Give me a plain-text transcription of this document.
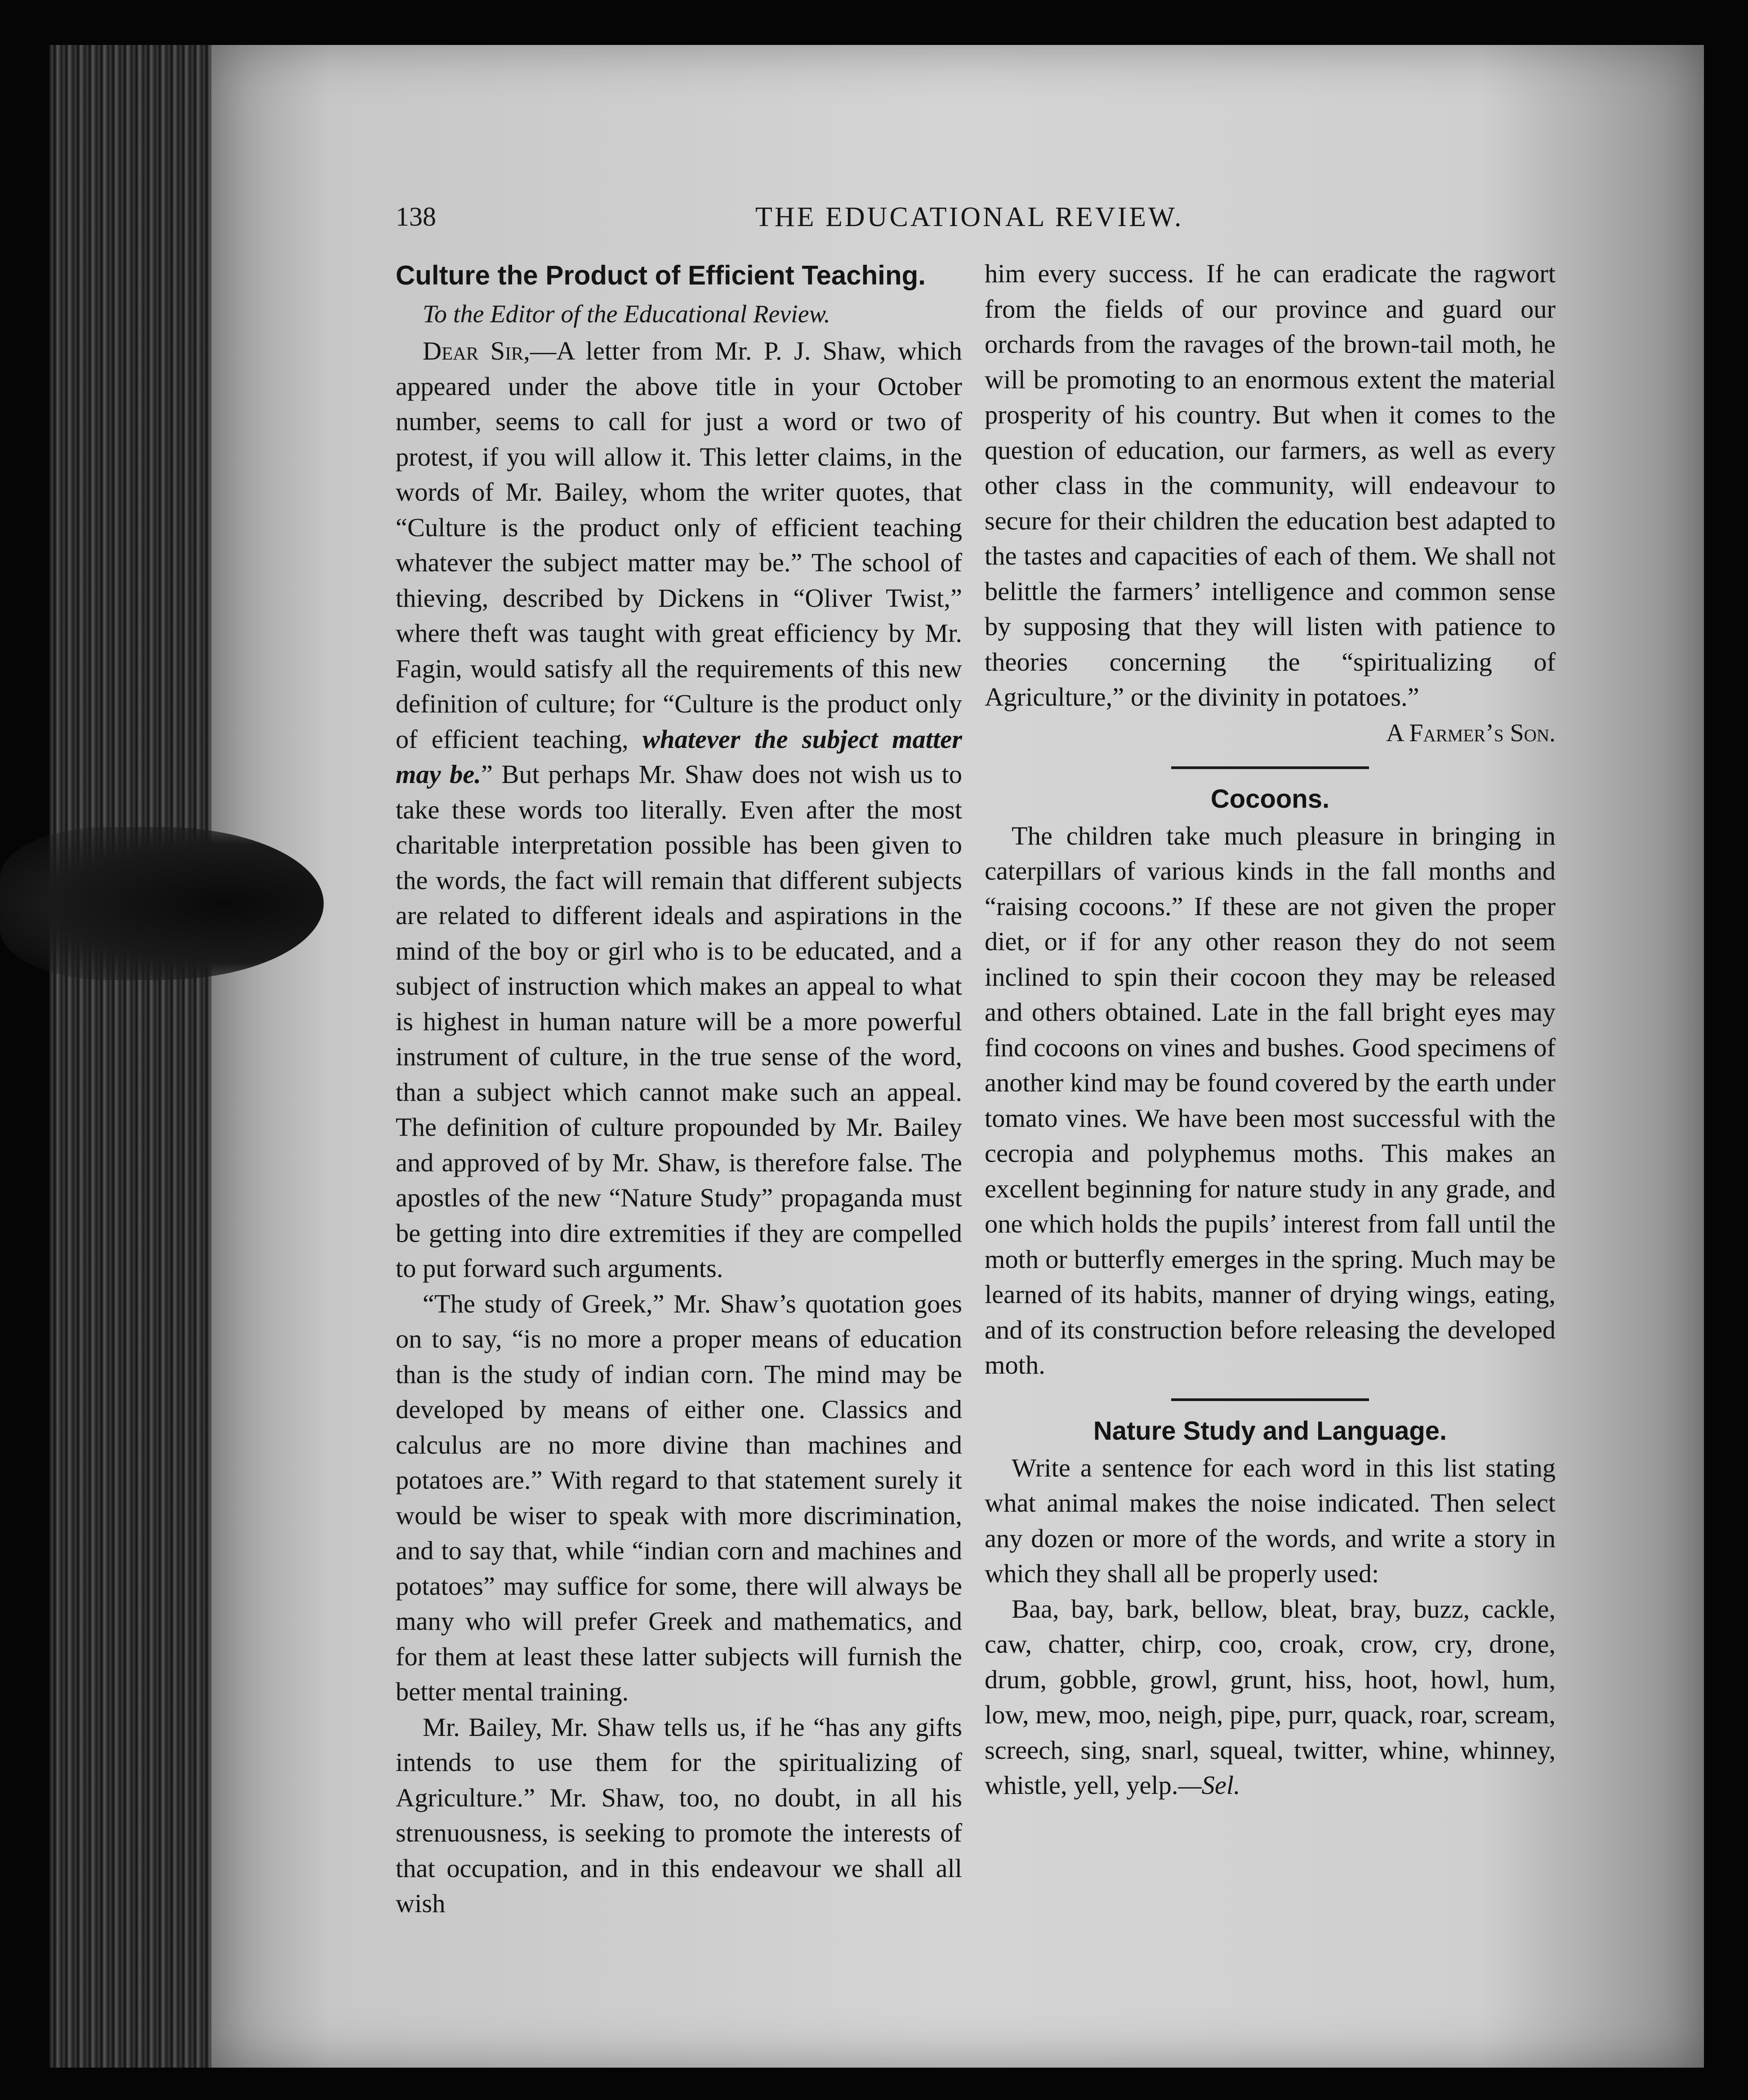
138	THE EDUCATIONAL REVIEW.

Culture the Product of Efficient Teaching.

To the Editor of the Educational Review.

Dear Sir,—A letter from Mr. P. J. Shaw, which appeared under the above title in your October number, seems to call for just a word or two of protest, if you will allow it. This letter claims, in the words of Mr. Bailey, whom the writer quotes, that “Culture is the product only of efficient teaching whatever the subject matter may be.” The school of thieving, described by Dickens in “Oliver Twist,” where theft was taught with great efficiency by Mr. Fagin, would satisfy all the requirements of this new definition of culture; for “Culture is the product only of efficient teaching, whatever the subject matter may be.” But perhaps Mr. Shaw does not wish us to take these words too literally. Even after the most charitable interpretation possible has been given to the words, the fact will remain that different subjects are related to different ideals and aspirations in the mind of the boy or girl who is to be educated, and a subject of instruction which makes an appeal to what is highest in human nature will be a more powerful instrument of culture, in the true sense of the word, than a subject which cannot make such an appeal. The definition of culture propounded by Mr. Bailey and approved of by Mr. Shaw, is therefore false. The apostles of the new “Nature Study” propaganda must be getting into dire extremities if they are compelled to put forward such arguments.

“The study of Greek,” Mr. Shaw’s quotation goes on to say, “is no more a proper means of education than is the study of indian corn. The mind may be developed by means of either one. Classics and calculus are no more divine than machines and potatoes are.” With regard to that statement surely it would be wiser to speak with more discrimination, and to say that, while “indian corn and machines and potatoes” may suffice for some, there will always be many who will prefer Greek and mathematics, and for them at least these latter subjects will furnish the better mental training.

Mr. Bailey, Mr. Shaw tells us, if he “has any gifts intends to use them for the spiritualizing of Agriculture.” Mr. Shaw, too, no doubt, in all his strenuousness, is seeking to promote the interests of that occupation, and in this endeavour we shall all wish

him every success. If he can eradicate the ragwort from the fields of our province and guard our orchards from the ravages of the brown-tail moth, he will be promoting to an enormous extent the material prosperity of his country. But when it comes to the question of education, our farmers, as well as every other class in the community, will endeavour to secure for their children the education best adapted to the tastes and capacities of each of them. We shall not belittle the farmers’ intelligence and common sense by supposing that they will listen with patience to theories concerning the “spiritualizing of Agriculture,” or the divinity in potatoes.”

A Farmer’s Son.

Cocoons.

The children take much pleasure in bringing in caterpillars of various kinds in the fall months and “raising cocoons.” If these are not given the proper diet, or if for any other reason they do not seem inclined to spin their cocoon they may be released and others obtained. Late in the fall bright eyes may find cocoons on vines and bushes. Good specimens of another kind may be found covered by the earth under tomato vines. We have been most successful with the cecropia and polyphemus moths. This makes an excellent beginning for nature study in any grade, and one which holds the pupils’ interest from fall until the moth or butterfly emerges in the spring. Much may be learned of its habits, manner of drying wings, eating, and of its construction before releasing the developed moth.

Nature Study and Language.

Write a sentence for each word in this list stating what animal makes the noise indicated. Then select any dozen or more of the words, and write a story in which they shall all be properly used:

Baa, bay, bark, bellow, bleat, bray, buzz, cackle, caw, chatter, chirp, coo, croak, crow, cry, drone, drum, gobble, growl, grunt, hiss, hoot, howl, hum, low, mew, moo, neigh, pipe, purr, quack, roar, scream, screech, sing, snarl, squeal, twitter, whine, whinney, whistle, yell, yelp.—Sel.
